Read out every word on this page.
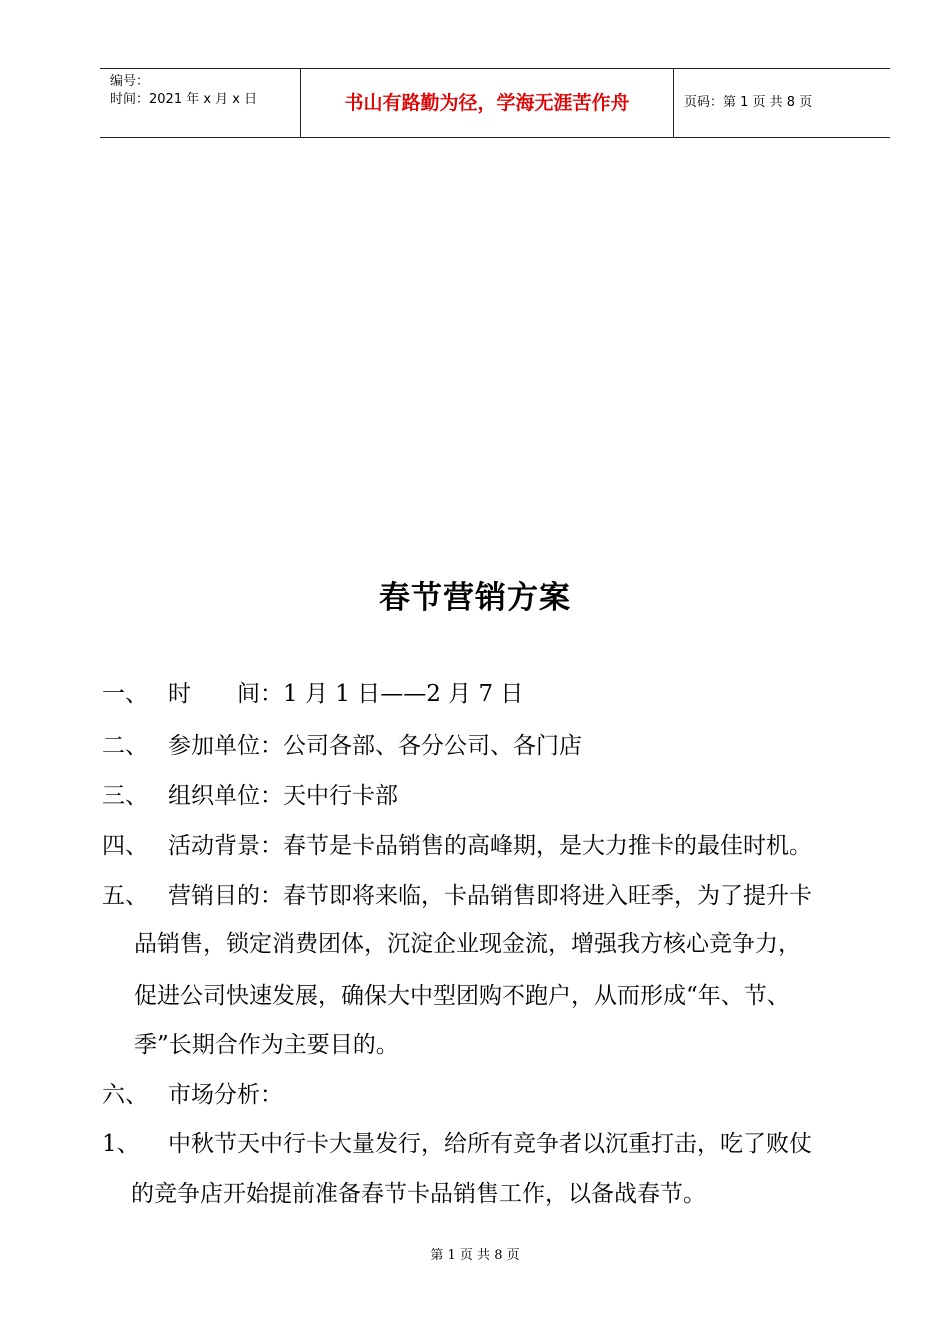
编号：
时间：2021 年 x 月 x 日	书山有路勤为径，学海无涯苦作舟	页码：第 1 页 共 8 页
春节营销方案
一、 时　　间：1 月 1 日——2 月 7 日
二、 参加单位：公司各部、各分公司、各门店
三、 组织单位：天中行卡部
四、 活动背景：春节是卡品销售的高峰期，是大力推卡的最佳时机。
五、 营销目的：春节即将来临，卡品销售即将进入旺季，为了提升卡
品销售，锁定消费团体，沉淀企业现金流，增强我方核心竞争力，
促进公司快速发展，确保大中型团购不跑户，从而形成“年、节、
季”长期合作为主要目的。
六、 市场分析：
1、 中秋节天中行卡大量发行，给所有竞争者以沉重打击，吃了败仗
的竞争店开始提前准备春节卡品销售工作，以备战春节。
第 1 页 共 8 页
